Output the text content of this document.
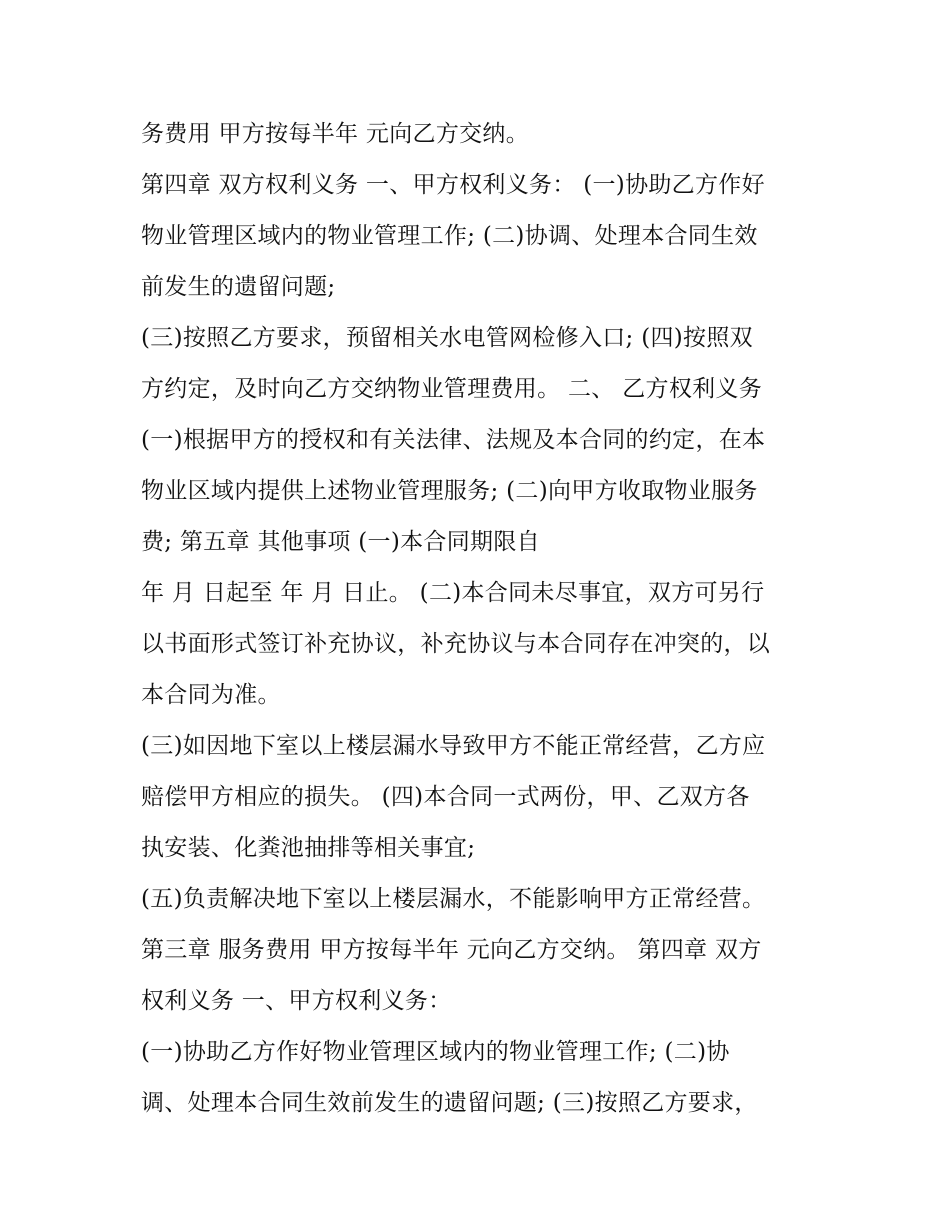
务费用 甲方按每半年 元向乙方交纳。
第四章 双方权利义务 一、甲方权利义务： (一)协助乙方作好
物业管理区域内的物业管理工作; (二)协调、处理本合同生效
前发生的遗留问题;
(三)按照乙方要求，预留相关水电管网检修入口; (四)按照双
方约定，及时向乙方交纳物业管理费用。 二、 乙方权利义务
(一)根据甲方的授权和有关法律、法规及本合同的约定，在本
物业区域内提供上述物业管理服务; (二)向甲方收取物业服务
费; 第五章 其他事项 (一)本合同期限自
年 月 日起至 年 月 日止。 (二)本合同未尽事宜，双方可另行
以书面形式签订补充协议，补充协议与本合同存在冲突的，以
本合同为准。
(三)如因地下室以上楼层漏水导致甲方不能正常经营，乙方应
赔偿甲方相应的损失。 (四)本合同一式两份，甲、乙双方各
执安装、化粪池抽排等相关事宜;
(五)负责解决地下室以上楼层漏水，不能影响甲方正常经营。
第三章 服务费用 甲方按每半年 元向乙方交纳。 第四章 双方
权利义务 一、甲方权利义务：
(一)协助乙方作好物业管理区域内的物业管理工作; (二)协
调、处理本合同生效前发生的遗留问题; (三)按照乙方要求，
